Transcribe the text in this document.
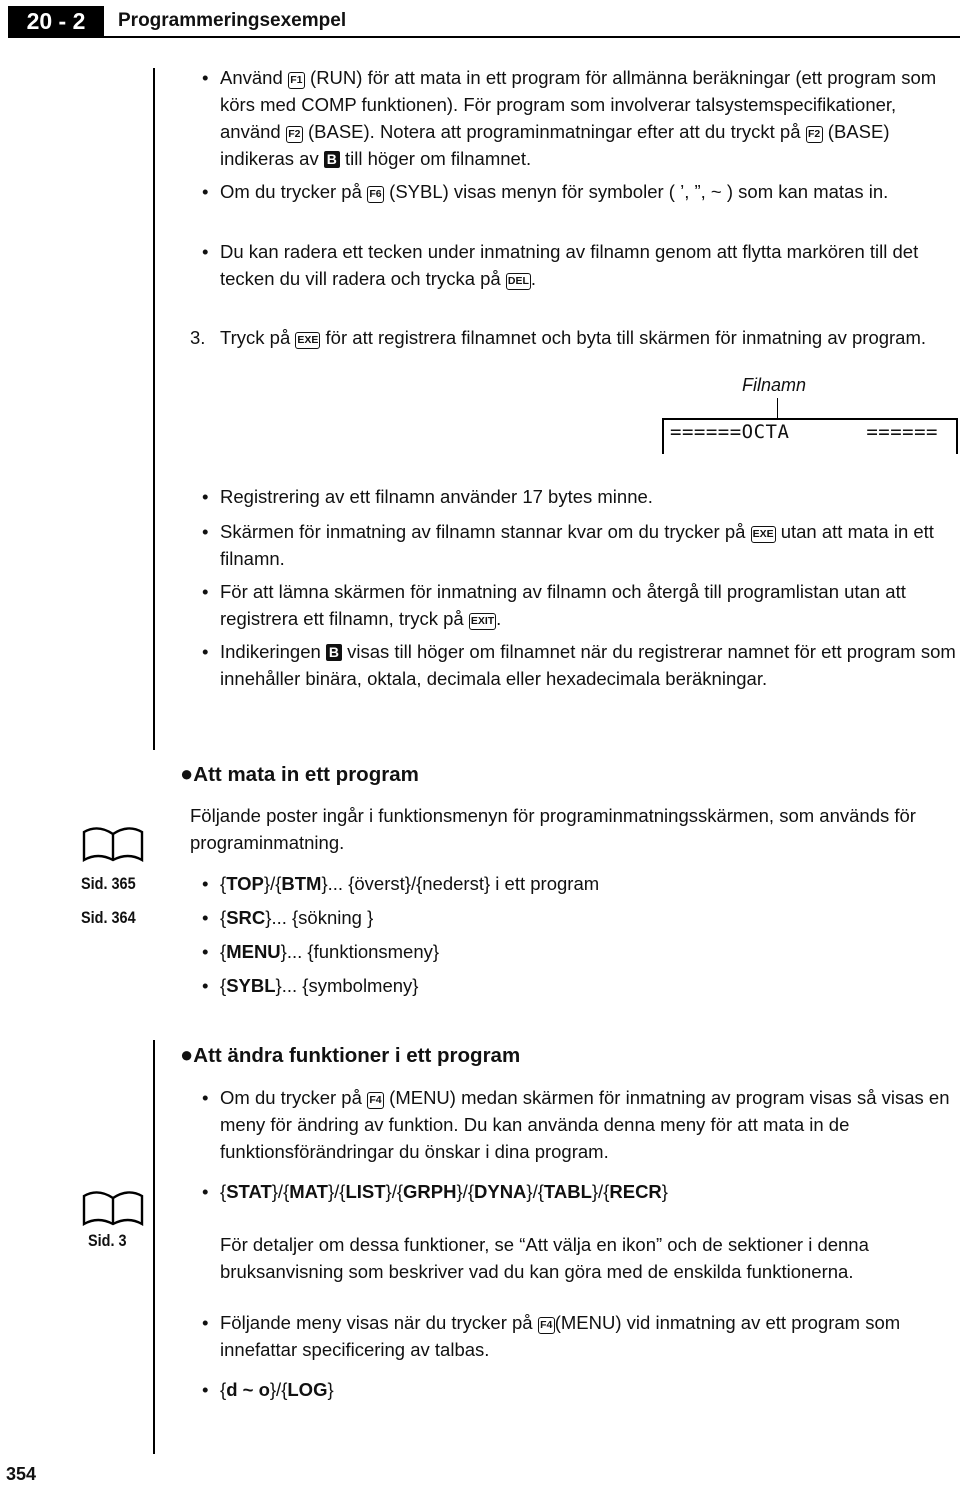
20 - 2	Programmeringsexempel

• Använd F1 (RUN) för att mata in ett program för allmänna beräkningar (ett program som körs med COMP funktionen). För program som involverar talsystemspecifikationer, använd F2 (BASE). Notera att programinmatningar efter att du tryckt på F2 (BASE) indikeras av B till höger om filnamnet.

• Om du trycker på F6 (SYBL) visas menyn för symboler ( ’, ”, ~ ) som kan matas in.

• Du kan radera ett tecken under inmatning av filnamn genom att flytta markören till det tecken du vill radera och trycka på DEL .

3. Tryck på EXE för att registrera filnamnet och byta till skärmen för inmatning av program.

Filnamn
======OCTA	======

• Registrering av ett filnamn använder 17 bytes minne.

• Skärmen för inmatning av filnamn stannar kvar om du trycker på EXE utan att mata in ett filnamn.

• För att lämna skärmen för inmatning av filnamn och återgå till programlistan utan att registrera ett filnamn, tryck på EXIT .

• Indikeringen B visas till höger om filnamnet när du registrerar namnet för ett program som innehåller binära, oktala, decimala eller hexadecimala beräkningar.

●Att mata in ett program

Följande poster ingår i funktionsmenyn för programinmatningsskärmen, som används för programinmatning.

Sid. 365
Sid. 364

• {TOP}/{BTM}... {överst}/{nederst} i ett program

• {SRC}... {sökning }

• {MENU}... {funktionsmeny}

• {SYBL}... {symbolmeny}

●Att ändra funktioner i ett program

• Om du trycker på F4 (MENU) medan skärmen för inmatning av program visas så visas en meny för ändring av funktion. Du kan använda denna meny för att mata in de funktionsförändringar du önskar i dina program.

Sid. 3

• {STAT}/{MAT}/{LIST}/{GRPH}/{DYNA}/{TABL}/{RECR}

För detaljer om dessa funktioner, se “Att välja en ikon” och de sektioner i denna bruksanvisning som beskriver vad du kan göra med de enskilda funktionerna.

• Följande meny visas när du trycker på F4 (MENU) vid inmatning av ett program som innefattar specificering av talbas.

• {d ~ o}/{LOG}

354
